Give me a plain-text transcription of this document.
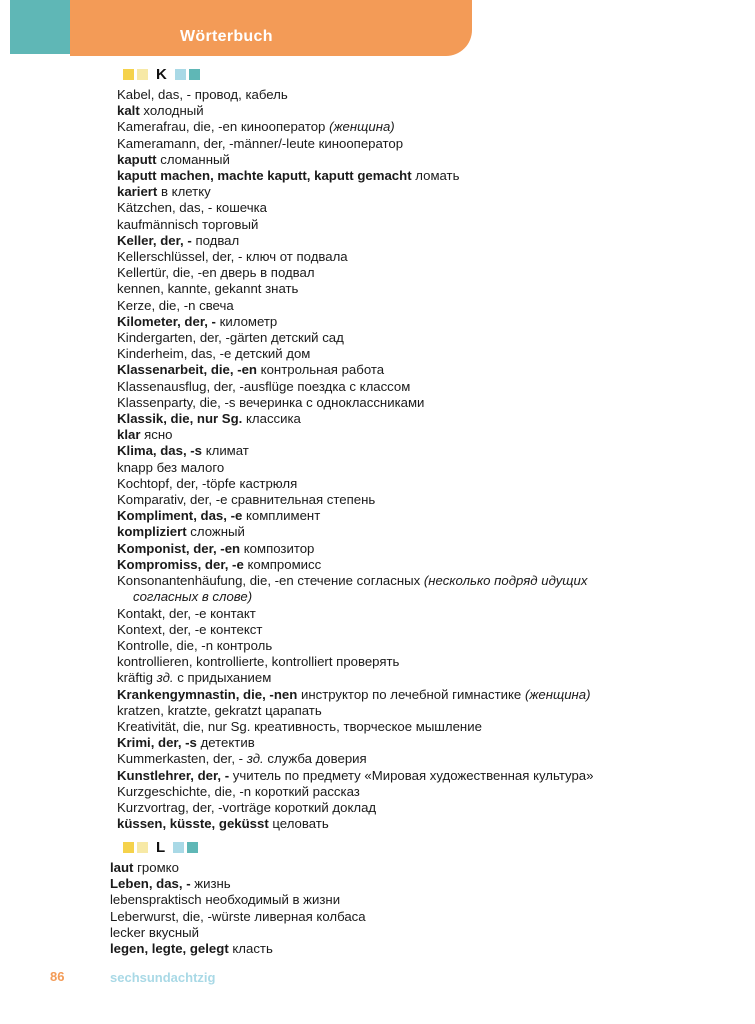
Wörterbuch
K
Kabel, das, - провод, кабель
kalt холодный
Kamerafrau, die, -en кинооператор (женщина)
Kameramann, der, -männer/-leute кинооператор
kaputt сломанный
kaputt machen, machte kaputt, kaputt gemacht ломать
kariert в клетку
Kätzchen, das, - кошечка
kaufmännisch торговый
Keller, der, - подвал
Kellerschlüssel, der, - ключ от подвала
Kellertür, die, -en дверь в подвал
kennen, kannte, gekannt знать
Kerze, die, -n свеча
Kilometer, der, - километр
Kindergarten, der, -gärten детский сад
Kinderheim, das, -e детский дом
Klassenarbeit, die, -en контрольная работа
Klassenausflug, der, -ausflüge поездка с классом
Klassenparty, die, -s вечеринка с одноклассниками
Klassik, die, nur Sg. классика
klar ясно
Klima, das, -s климат
knapp без малого
Kochtopf, der, -töpfe кастрюля
Komparativ, der, -e сравнительная степень
Kompliment, das, -e комплимент
kompliziert сложный
Komponist, der, -en композитор
Kompromiss, der, -e компромисс
Konsonantenhäufung, die, -en стечение согласных (несколько подряд идущих
согласных в слове)
Kontakt, der, -e контакт
Kontext, der, -e контекст
Kontrolle, die, -n контроль
kontrollieren, kontrollierte, kontrolliert проверять
kräftig зд. с придыханием
Krankengymnastin, die, -nen инструктор по лечебной гимнастике (женщина)
kratzen, kratzte, gekratzt царапать
Kreativität, die, nur Sg. креативность, творческое мышление
Krimi, der, -s детектив
Kummerkasten, der, - зд. служба доверия
Kunstlehrer, der, - учитель по предмету «Мировая художественная культура»
Kurzgeschichte, die, -n короткий рассказ
Kurzvortrag, der, -vorträge короткий доклад
küssen, küsste, geküsst целовать
L
laut громко
Leben, das, - жизнь
lebenspraktisch необходимый в жизни
Leberwurst, die, -würste ливерная колбаса
lecker вкусный
legen, legte, gelegt класть
86	sechsundachtzig
